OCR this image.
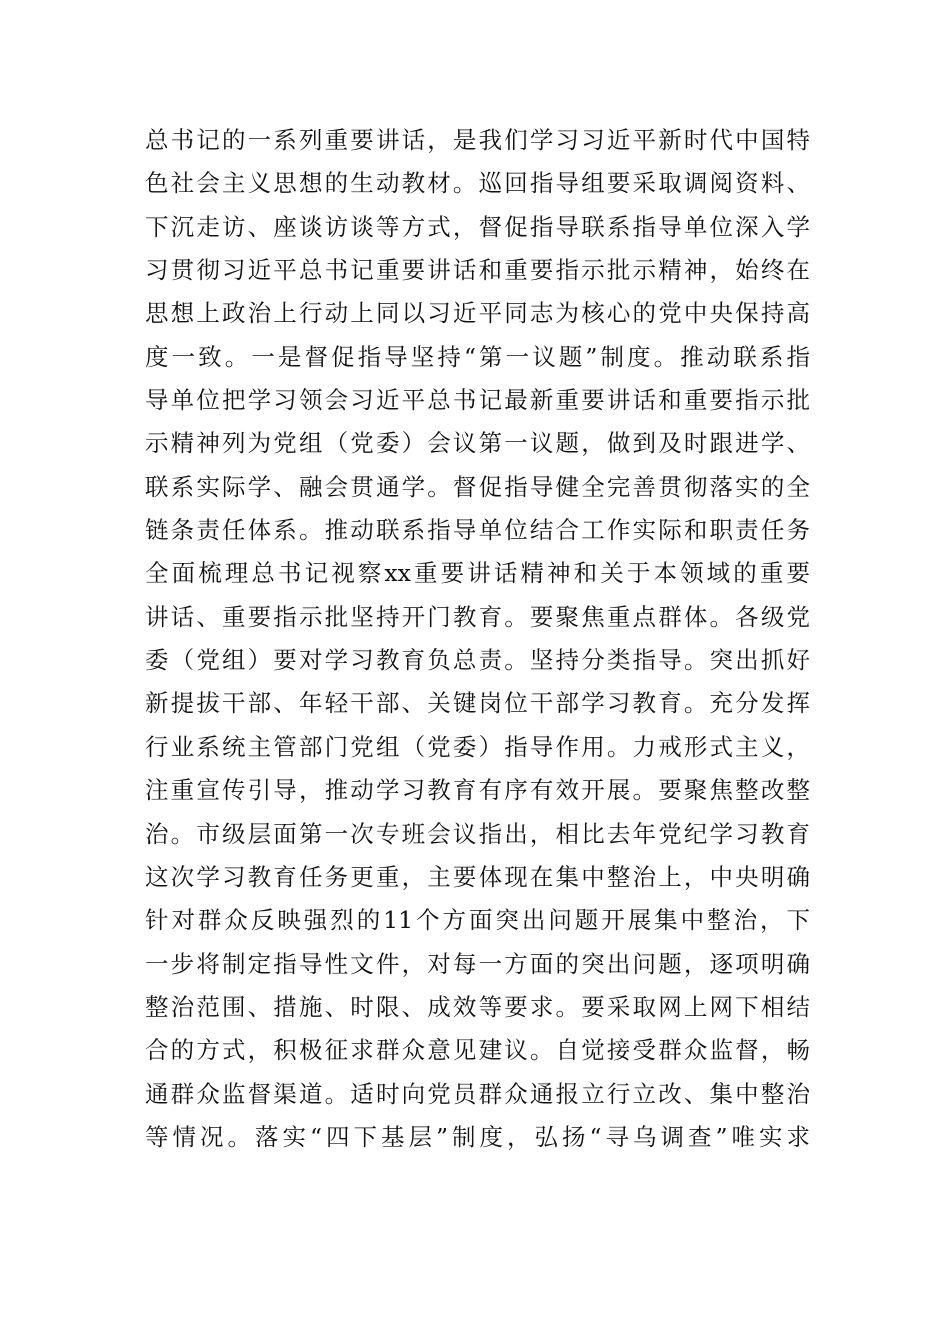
总书记的一系列重要讲话，是我们学习习近平新时代中国特
色社会主义思想的生动教材。巡回指导组要采取调阅资料、
下沉走访、座谈访谈等方式，督促指导联系指导单位深入学
习贯彻习近平总书记重要讲话和重要指示批示精神，始终在
思想上政治上行动上同以习近平同志为核心的党中央保持高
度一致。一是督促指导坚持“第一议题”制度。推动联系指
导单位把学习领会习近平总书记最新重要讲话和重要指示批
示精神列为党组（党委）会议第一议题，做到及时跟进学、
联系实际学、融会贯通学。督促指导健全完善贯彻落实的全
链条责任体系。推动联系指导单位结合工作实际和职责任务
全面梳理总书记视察xx重要讲话精神和关于本领域的重要
讲话、重要指示批坚持开门教育。要聚焦重点群体。各级党
委（党组）要对学习教育负总责。坚持分类指导。突出抓好
新提拔干部、年轻干部、关键岗位干部学习教育。充分发挥
行业系统主管部门党组（党委）指导作用。力戒形式主义，
注重宣传引导，推动学习教育有序有效开展。要聚焦整改整
治。市级层面第一次专班会议指出，相比去年党纪学习教育
这次学习教育任务更重，主要体现在集中整治上，中央明确
针对群众反映强烈的11个方面突出问题开展集中整治，下
一步将制定指导性文件，对每一方面的突出问题，逐项明确
整治范围、措施、时限、成效等要求。要采取网上网下相结
合的方式，积极征求群众意见建议。自觉接受群众监督，畅
通群众监督渠道。适时向党员群众通报立行立改、集中整治
等情况。落实“四下基层”制度，弘扬“寻乌调查”唯实求
